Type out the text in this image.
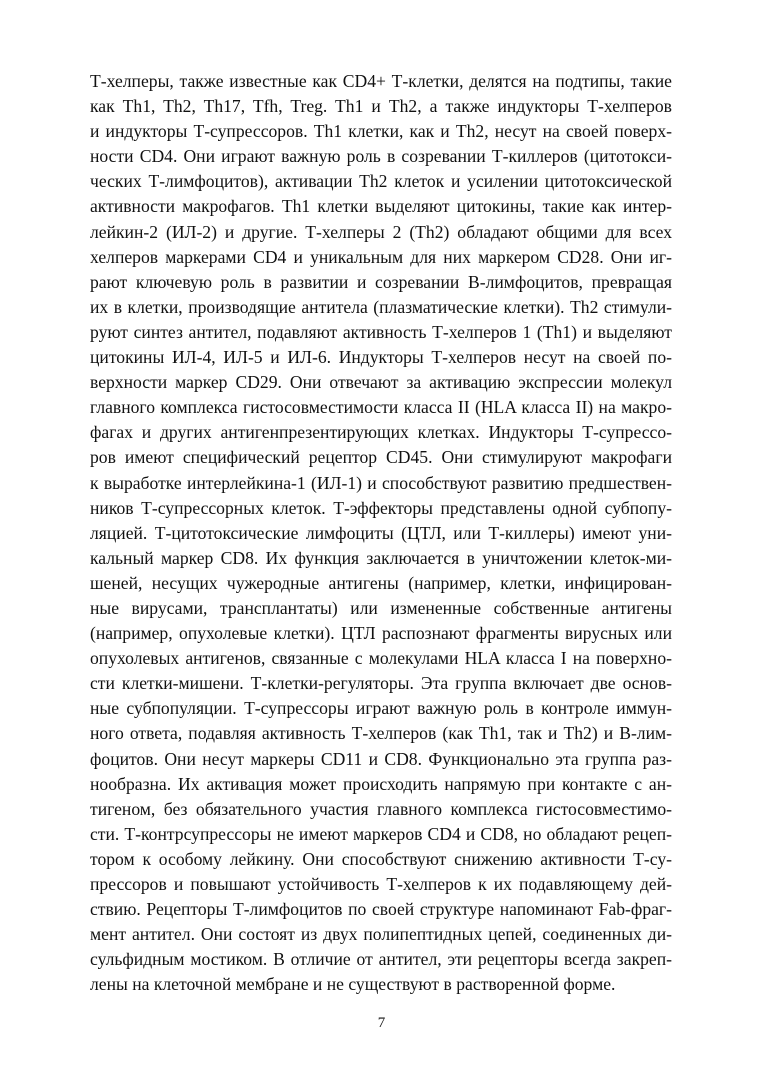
Т-хелперы, также известные как CD4+ Т-клетки, делятся на подтипы, такие
как Th1, Th2, Th17, Tfh, Treg. Th1 и Th2, а также индукторы Т-хелперов
и индукторы Т-супрессоров. Th1 клетки, как и Th2, несут на своей поверх-
ности CD4. Они играют важную роль в созревании Т-киллеров (цитотокси-
ческих Т-лимфоцитов), активации Th2 клеток и усилении цитотоксической
активности макрофагов. Th1 клетки выделяют цитокины, такие как интер-
лейкин-2 (ИЛ-2) и другие. Т-хелперы 2 (Th2) обладают общими для всех
хелперов маркерами CD4 и уникальным для них маркером CD28. Они иг-
рают ключевую роль в развитии и созревании В-лимфоцитов, превращая
их в клетки, производящие антитела (плазматические клетки). Th2 стимули-
руют синтез антител, подавляют активность Т-хелперов 1 (Th1) и выделяют
цитокины ИЛ-4, ИЛ-5 и ИЛ-6. Индукторы Т-хелперов несут на своей по-
верхности маркер CD29. Они отвечают за активацию экспрессии молекул
главного комплекса гистосовместимости класса II (HLA класса II) на макро-
фагах и других антигенпрезентирующих клетках. Индукторы Т-супрессо-
ров имеют специфический рецептор CD45. Они стимулируют макрофаги
к выработке интерлейкина-1 (ИЛ-1) и способствуют развитию предшествен-
ников Т-супрессорных клеток. Т-эффекторы представлены одной субпопу-
ляцией. Т-цитотоксические лимфоциты (ЦТЛ, или Т-киллеры) имеют уни-
кальный маркер CD8. Их функция заключается в уничтожении клеток-ми-
шеней, несущих чужеродные антигены (например, клетки, инфицирован-
ные вирусами, трансплантаты) или измененные собственные антигены
(например, опухолевые клетки). ЦТЛ распознают фрагменты вирусных или
опухолевых антигенов, связанные с молекулами HLA класса I на поверхно-
сти клетки-мишени. Т-клетки-регуляторы. Эта группа включает две основ-
ные субпопуляции. Т-супрессоры играют важную роль в контроле иммун-
ного ответа, подавляя активность Т-хелперов (как Th1, так и Th2) и В-лим-
фоцитов. Они несут маркеры CD11 и CD8. Функционально эта группа раз-
нообразна. Их активация может происходить напрямую при контакте с ан-
тигеном, без обязательного участия главного комплекса гистосовместимо-
сти. Т-контрсупрессоры не имеют маркеров CD4 и CD8, но обладают рецеп-
тором к особому лейкину. Они способствуют снижению активности Т-су-
прессоров и повышают устойчивость Т-хелперов к их подавляющему дей-
ствию. Рецепторы Т-лимфоцитов по своей структуре напоминают Fab-фраг-
мент антител. Они состоят из двух полипептидных цепей, соединенных ди-
сульфидным мостиком. В отличие от антител, эти рецепторы всегда закреп-
лены на клеточной мембране и не существуют в растворенной форме.
7
